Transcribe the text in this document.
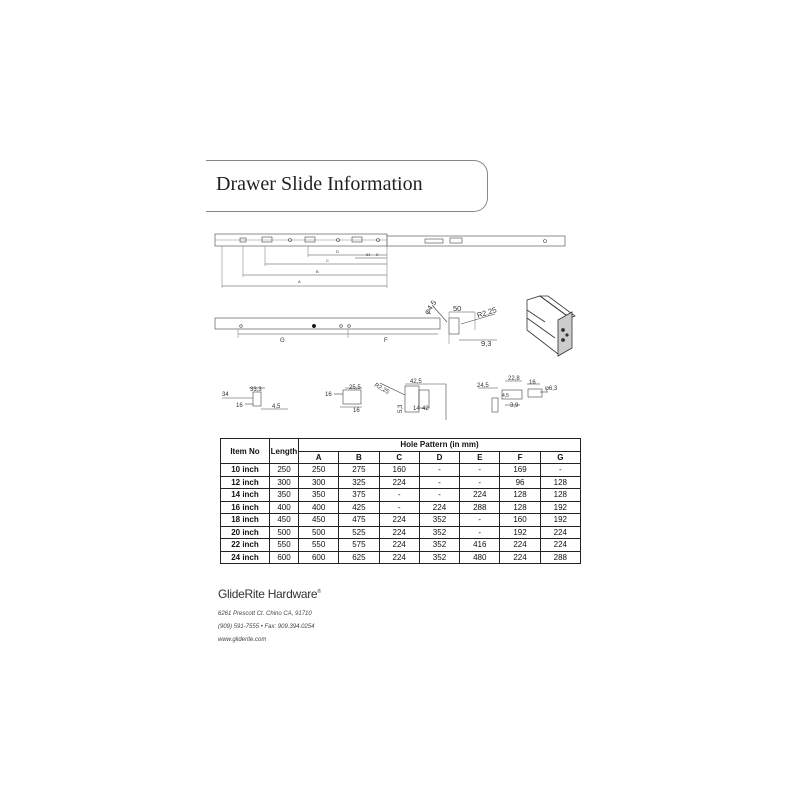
Drawer Slide Information
A
B
C
D
E
64
G	F
50 R2,25
φ4,5
9,3
34
33,3
16	4,5
16
25,5 R2,25
42,5
5,3 14 42
16
24,5
22,8
16
φ6,3
4,5
3,9
Item No	Length	Hole Pattern (in mm)						
		A	B	C	D	E	F	G
10 inch	250	250	275	160	-	-	169	-
12 inch	300	300	325	224	-	-	96	128
14 inch	350	350	375	-	-	224	128	128
16 inch	400	400	425	-	224	288	128	192
18 inch	450	450	475	224	352	-	160	192
20 inch	500	500	525	224	352	-	192	224
22 inch	550	550	575	224	352	416	224	224
24 inch	600	600	625	224	352	480	224	288
GlideRite Hardware®
6261 Prescott Ct. Chino CA, 91710
(909) 591-7555 • Fax: 909.394.0254
www.gliderite.com
